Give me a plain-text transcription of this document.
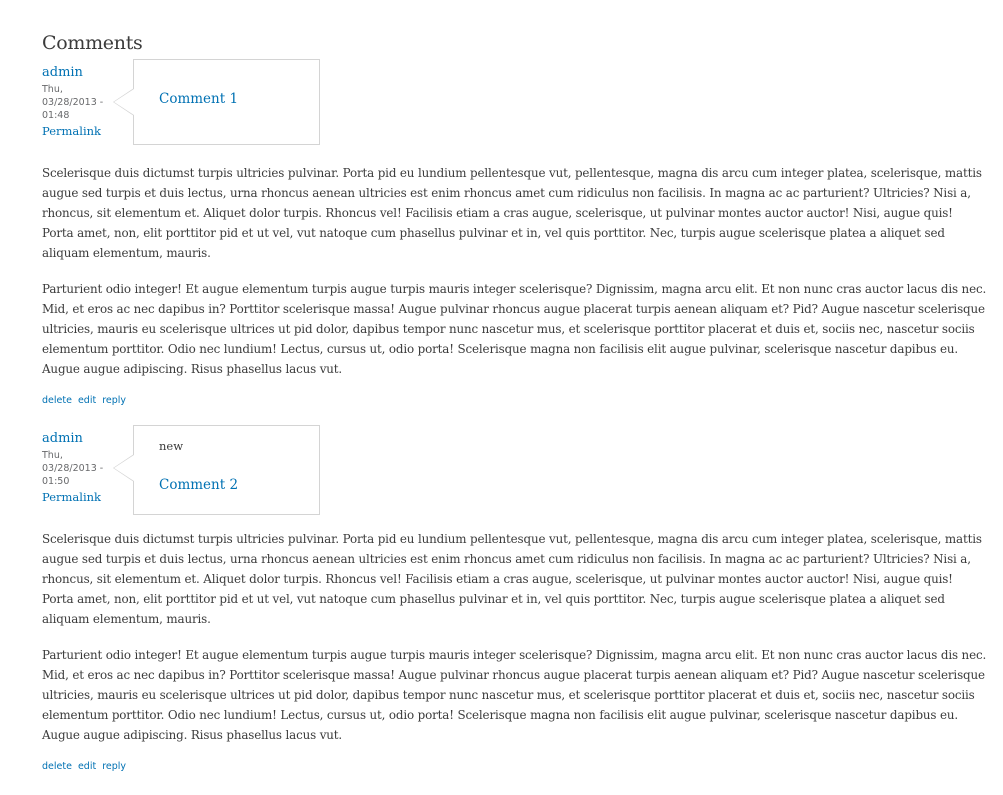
Comments
admin
Thu,
03/28/2013 -
01:48
Permalink
Comment 1

Scelerisque duis dictumst turpis ultricies pulvinar. Porta pid eu lundium pellentesque vut, pellentesque, magna dis arcu cum integer platea, scelerisque, mattis augue sed turpis et duis lectus, urna rhoncus aenean ultricies est enim rhoncus amet cum ridiculus non facilisis. In magna ac ac parturient? Ultricies? Nisi a, rhoncus, sit elementum et. Aliquet dolor turpis. Rhoncus vel! Facilisis etiam a cras augue, scelerisque, ut pulvinar montes auctor auctor! Nisi, augue quis! Porta amet, non, elit porttitor pid et ut vel, vut natoque cum phasellus pulvinar et in, vel quis porttitor. Nec, turpis augue scelerisque platea a aliquet sed aliquam elementum, mauris.

Parturient odio integer! Et augue elementum turpis augue turpis mauris integer scelerisque? Dignissim, magna arcu elit. Et non nunc cras auctor lacus dis nec. Mid, et eros ac nec dapibus in? Porttitor scelerisque massa! Augue pulvinar rhoncus augue placerat turpis aenean aliquam et? Pid? Augue nascetur scelerisque ultricies, mauris eu scelerisque ultrices ut pid dolor, dapibus tempor nunc nascetur mus, et scelerisque porttitor placerat et duis et, sociis nec, nascetur sociis elementum porttitor. Odio nec lundium! Lectus, cursus ut, odio porta! Scelerisque magna non facilisis elit augue pulvinar, scelerisque nascetur dapibus eu. Augue augue adipiscing. Risus phasellus lacus vut.

delete edit reply
admin
Thu,
03/28/2013 -
01:50
Permalink
new
Comment 2

Scelerisque duis dictumst turpis ultricies pulvinar. Porta pid eu lundium pellentesque vut, pellentesque, magna dis arcu cum integer platea, scelerisque, mattis augue sed turpis et duis lectus, urna rhoncus aenean ultricies est enim rhoncus amet cum ridiculus non facilisis. In magna ac ac parturient? Ultricies? Nisi a, rhoncus, sit elementum et. Aliquet dolor turpis. Rhoncus vel! Facilisis etiam a cras augue, scelerisque, ut pulvinar montes auctor auctor! Nisi, augue quis! Porta amet, non, elit porttitor pid et ut vel, vut natoque cum phasellus pulvinar et in, vel quis porttitor. Nec, turpis augue scelerisque platea a aliquet sed aliquam elementum, mauris.

Parturient odio integer! Et augue elementum turpis augue turpis mauris integer scelerisque? Dignissim, magna arcu elit. Et non nunc cras auctor lacus dis nec. Mid, et eros ac nec dapibus in? Porttitor scelerisque massa! Augue pulvinar rhoncus augue placerat turpis aenean aliquam et? Pid? Augue nascetur scelerisque ultricies, mauris eu scelerisque ultrices ut pid dolor, dapibus tempor nunc nascetur mus, et scelerisque porttitor placerat et duis et, sociis nec, nascetur sociis elementum porttitor. Odio nec lundium! Lectus, cursus ut, odio porta! Scelerisque magna non facilisis elit augue pulvinar, scelerisque nascetur dapibus eu. Augue augue adipiscing. Risus phasellus lacus vut.

delete edit reply
